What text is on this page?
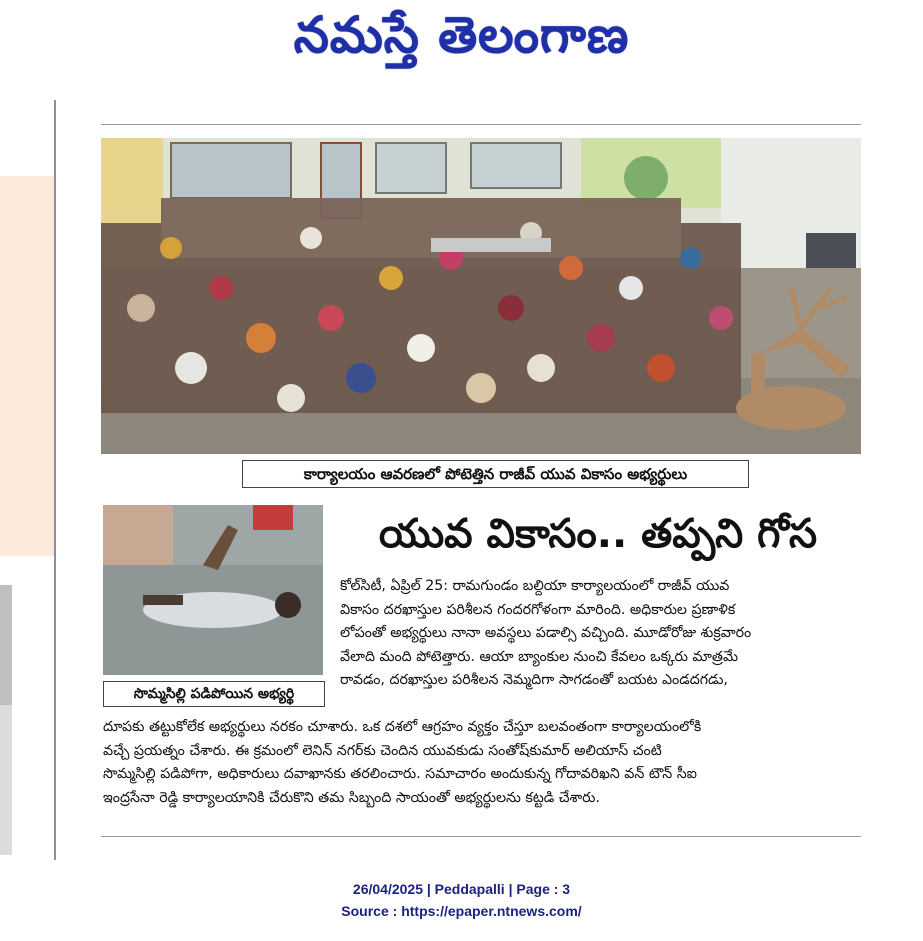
నమస్తే తెలంగాణ
కార్యాలయం ఆవరణలో పోటెత్తిన రాజీవ్ యువ వికాసం అభ్యర్థులు
సొమ్మసిల్లి పడిపోయిన అభ్యర్థి
యువ వికాసం.. తప్పని గోస
కోల్‌సిటీ, ఏప్రిల్ 25: రామగుండం బల్దియా కార్యాలయంలో రాజీవ్ యువ
వికాసం దరఖాస్తుల పరిశీలన గందరగోళంగా మారింది. అధికారుల ప్రణాళిక
లోపంతో అభ్యర్థులు నానా అవస్థలు పడాల్సి వచ్చింది. మూడోరోజు శుక్రవారం
వేలాది మంది పోటెత్తారు. ఆయా బ్యాంకుల నుంచి కేవలం ఒక్కరు మాత్రమే
రావడం, దరఖాస్తుల పరిశీలన నెమ్మదిగా సాగడంతో బయట ఎండదగడు,
దూపకు తట్టుకోలేక అభ్యర్థులు నరకం చూశారు. ఒక దశలో ఆగ్రహం వ్యక్తం చేస్తూ బలవంతంగా కార్యాలయంలోకి
వచ్చే ప్రయత్నం చేశారు. ఈ క్రమంలో లెనిన్ నగర్‌కు చెందిన యువకుడు సంతోష్‌కుమార్ అలియాస్ చంటి
సొమ్మసిల్లి పడిపోగా, అధికారులు దవాఖానకు తరలించారు. సమాచారం అందుకున్న గోదావరిఖని వన్ టౌన్ సీఐ
ఇంద్రసేనా రెడ్డి కార్యాలయానికి చేరుకొని తమ సిబ్బంది సాయంతో అభ్యర్థులను కట్టడి చేశారు.
26/04/2025 | Peddapalli | Page : 3
Source : https://epaper.ntnews.com/
